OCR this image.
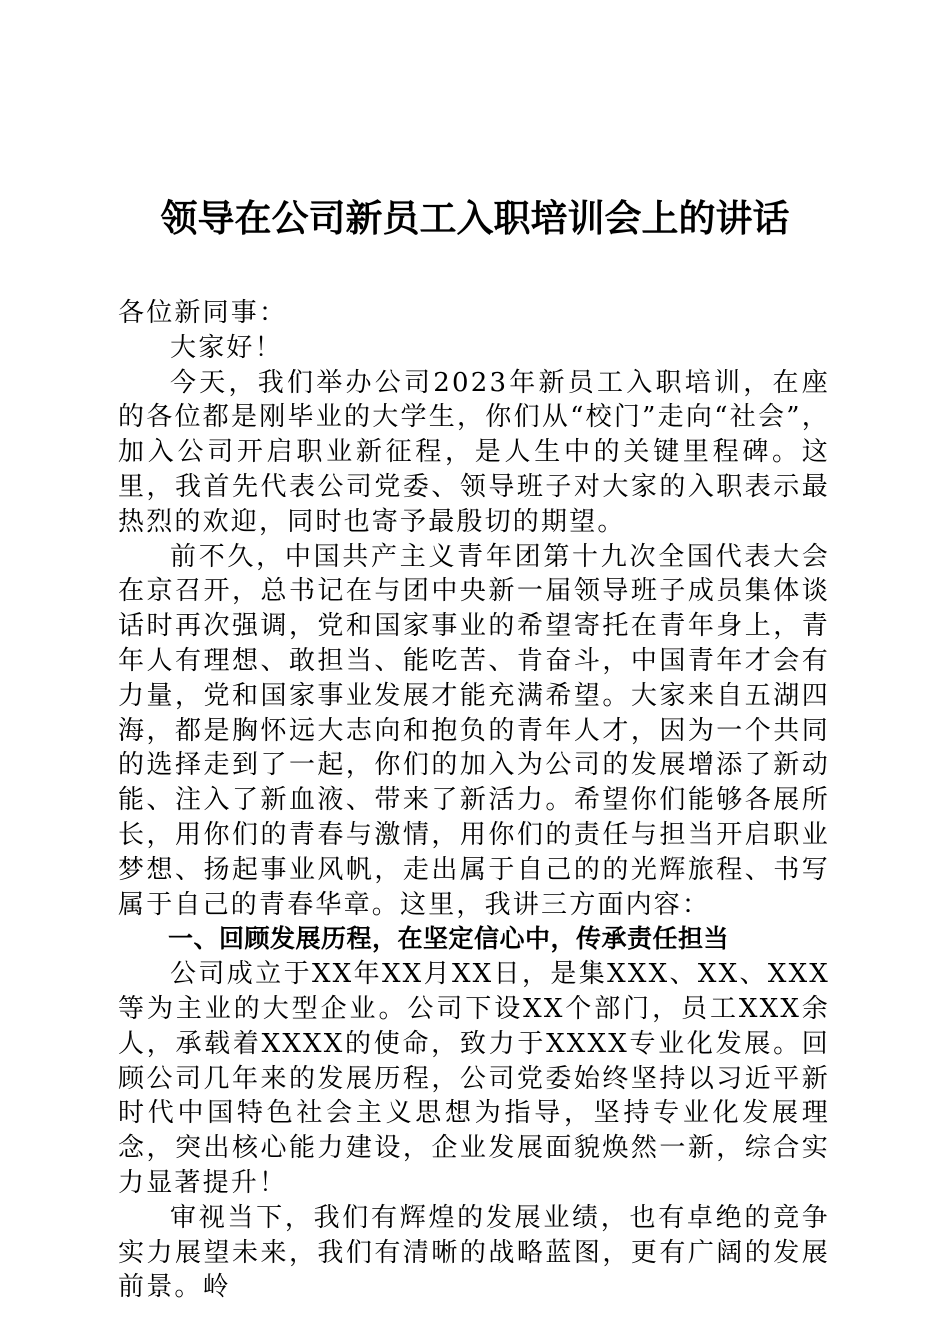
领导在公司新员工入职培训会上的讲话

各位新同事：

大家好！

今天，我们举办公司2023年新员工入职培训，在座的各位都是刚毕业的大学生，你们从“校门”走向“社会”，加入公司开启职业新征程，是人生中的关键里程碑。这里，我首先代表公司党委、领导班子对大家的入职表示最热烈的欢迎，同时也寄予最殷切的期望。

前不久，中国共产主义青年团第十九次全国代表大会在京召开，总书记在与团中央新一届领导班子成员集体谈话时再次强调，党和国家事业的希望寄托在青年身上，青年人有理想、敢担当、能吃苦、肯奋斗，中国青年才会有力量，党和国家事业发展才能充满希望。大家来自五湖四海，都是胸怀远大志向和抱负的青年人才，因为一个共同的选择走到了一起，你们的加入为公司的发展增添了新动能、注入了新血液、带来了新活力。希望你们能够各展所长，用你们的青春与激情，用你们的责任与担当开启职业梦想、扬起事业风帆，走出属于自己的的光辉旅程、书写属于自己的青春华章。这里，我讲三方面内容：

一、回顾发展历程，在坚定信心中，传承责任担当

公司成立于XX年XX月XX日，是集XXX、XX、XXX等为主业的大型企业。公司下设XX个部门，员工XXX余人，承载着XXXX的使命，致力于XXXX专业化发展。回顾公司几年来的发展历程，公司党委始终坚持以习近平新时代中国特色社会主义思想为指导，坚持专业化发展理念，突出核心能力建设，企业发展面貌焕然一新，综合实力显著提升！

审视当下，我们有辉煌的发展业绩，也有卓绝的竞争实力展望未来，我们有清晰的战略蓝图，更有广阔的发展前景。岭
